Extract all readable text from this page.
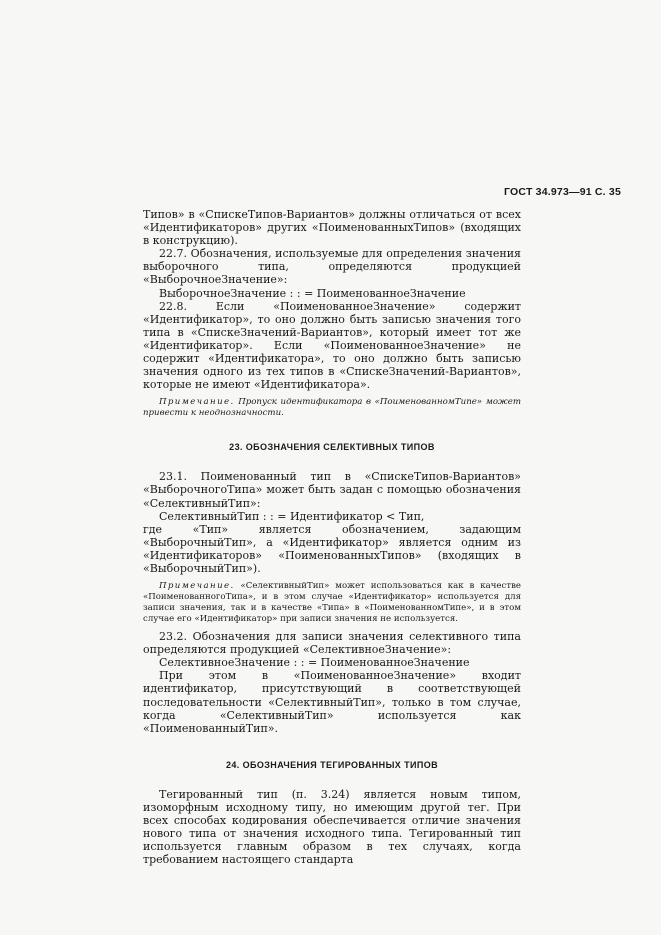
ГОСТ 34.973—91 С. 35

Типов» в «СпискеТипов-Вариантов» должны отличаться от всех «Идентификаторов» других «ПоименованныхТипов» (входящих в конструкцию).

22.7. Обозначения, используемые для определения значения выборочного типа, определяются продукцией «ВыборочноеЗначение»:

ВыборочноеЗначение : : = ПоименованноеЗначение

22.8. Если «ПоименованноеЗначение» содержит «Идентификатор», то оно должно быть записью значения того типа в «СпискеЗначений-Вариантов», который имеет тот же «Идентификатор». Если «ПоименованноеЗначение» не содержит «Идентификатора», то оно должно быть записью значения одного из тех типов в «СпискеЗначений-Вариантов», которые не имеют «Идентификатора».

Примечание. Пропуск идентификатора в «ПоименованномТипе» может привести к неоднозначности.

23. ОБОЗНАЧЕНИЯ СЕЛЕКТИВНЫХ ТИПОВ

23.1. Поименованный тип в «СпискеТипов-Вариантов» «ВыборочногоТипа» может быть задан с помощью обозначения «СелективныйТип»:

СелективныйТип : : = Идентификатор < Тип,

где «Тип» является обозначением, задающим «ВыборочныйТип», а «Идентификатор» является одним из «Идентификаторов» «ПоименованныхТипов» (входящих в «ВыборочныйТип»).

Примечание. «СелективныйТип» может использоваться как в качестве «ПоименованногоТипа», и в этом случае «Идентификатор» используется для записи значения, так и в качестве «Типа» в «ПоименованномТипе», и в этом случае его «Идентификатор» при записи значения не используется.

23.2. Обозначения для записи значения селективного типа определяются продукцией «СелективноеЗначение»:

СелективноеЗначение : : = ПоименованноеЗначение

При этом в «ПоименованноеЗначение» входит идентификатор, присутствующий в соответствующей последовательности «СелективныйТип», только в том случае, когда «СелективныйТип» используется как «ПоименованныйТип».

24. ОБОЗНАЧЕНИЯ ТЕГИРОВАННЫХ ТИПОВ

Тегированный тип (п. 3.24) является новым типом, изоморфным исходному типу, но имеющим другой тег. При всех способах кодирования обеспечивается отличие значения нового типа от значения исходного типа. Тегированный тип используется главным образом в тех случаях, когда требованием настоящего стандарта
